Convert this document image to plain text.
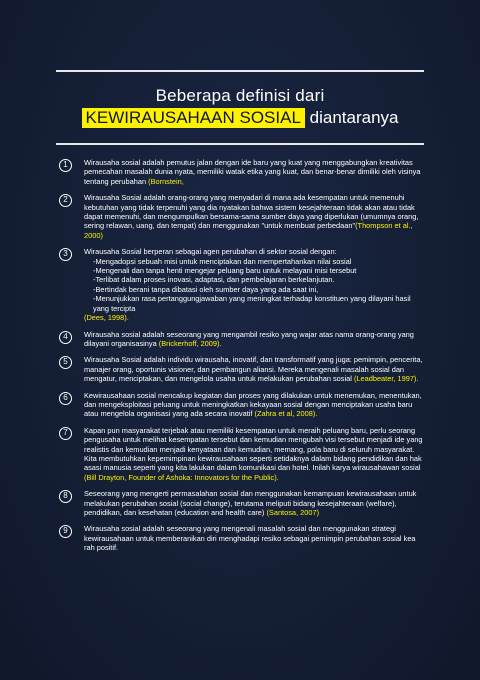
Beberapa definisi dari
KEWIRAUSAHAAN SOSIAL diantaranya
1	Wirausaha sosial adalah pemutus jalan dengan ide baru yang kuat yang menggabungkan kreativitas pemecahan masalah dunia nyata, memiliki watak etika yang kuat, dan benar-benar dimiliki oleh visinya tentang perubahan (Bornstein,
2	Wirausaha Sosial adalah orang-orang yang menyadari di mana ada kesempatan untuk memenuhi kebutuhan yang tidak terpenuhi yang dia nyatakan bahwa sistem kesejahteraan tidak akan atau tidak dapat memenuhi, dan mengumpulkan bersama-sama sumber daya yang diperlukan (umumnya orang, sering relawan, uang, dan tempat) dan menggunakan "untuk membuat perbedaan"(Thompson et al., 2000)
3	Wirausaha Sosial berperan sebagai agen perubahan di sektor sosial dengan:
-Mengadopsi sebuah misi untuk menciptakan dan mempertahankan nilai sosial
-Mengenali dan tanpa henti mengejar peluang baru untuk melayani misi tersebut
-Terlibat dalam proses inovasi, adaptasi, dan pembelajaran berkelanjutan.
-Bertindak berani tanpa dibatasi oleh sumber daya yang ada saat ini,
-Menunjukkan rasa pertanggungjawaban yang meningkat terhadap konstituen yang dilayani hasil yang tercipta
(Dees, 1998).
4	Wirausaha sosial adalah seseorang yang mengambil resiko yang wajar atas nama orang-orang yang dilayani organisasinya (Brickerhoff, 2009).
5	Wirausaha Sosial adalah individu wirausaha, inovatif, dan transformatif yang juga: pemimpin, pencerita, manajer orang, oportunis visioner, dan pembangun aliansi. Mereka mengenali masalah sosial dan mengatur, menciptakan, dan mengelola usaha untuk melakukan perubahan sosial (Leadbeater, 1997).
6	Kewirausahaan sosial mencakup kegiatan dan proses yang dilakukan untuk menemukan, menentukan, dan mengeksploitasi peluang untuk meningkatkan kekayaan sosial dengan menciptakan usaha baru atau mengelola organisasi yang ada secara inovatif (Zahra et al, 2008).
7	Kapan pun masyarakat terjebak atau memiliki kesempatan untuk meraih peluang baru, perlu seorang pengusaha untuk melihat kesempatan tersebut dan kemudian mengubah visi tersebut menjadi ide yang realistis dan kemudian menjadi kenyataan dan kemudian, memang, pola baru di seluruh masyarakat. Kita membutuhkan kepemimpinan kewirausahaan seperti setidaknya dalam bidang pendidikan dan hak asasi manusia seperti yang kita lakukan dalam komunikasi dan hotel. Inilah karya wirausahawan sosial (Bill Drayton, Founder of Ashoka: Innovators for the Public).
8	Seseorang yang mengerti permasalahan sosial dan menggunakan kemampuan kewirausahaan untuk melakukan perubahan sosial (social change), terutama meliputi bidang kesejahteraan (welfare), pendidikan, dan kesehatan (education and health care) (Santosa, 2007)
9	Wirausaha sosial adalah seseorang yang mengenali masalah sosial dan menggunakan strategi kewirausahaan untuk memberanikan diri menghadapi resiko sebagai pemimpin perubahan sosial kea rah positif.
